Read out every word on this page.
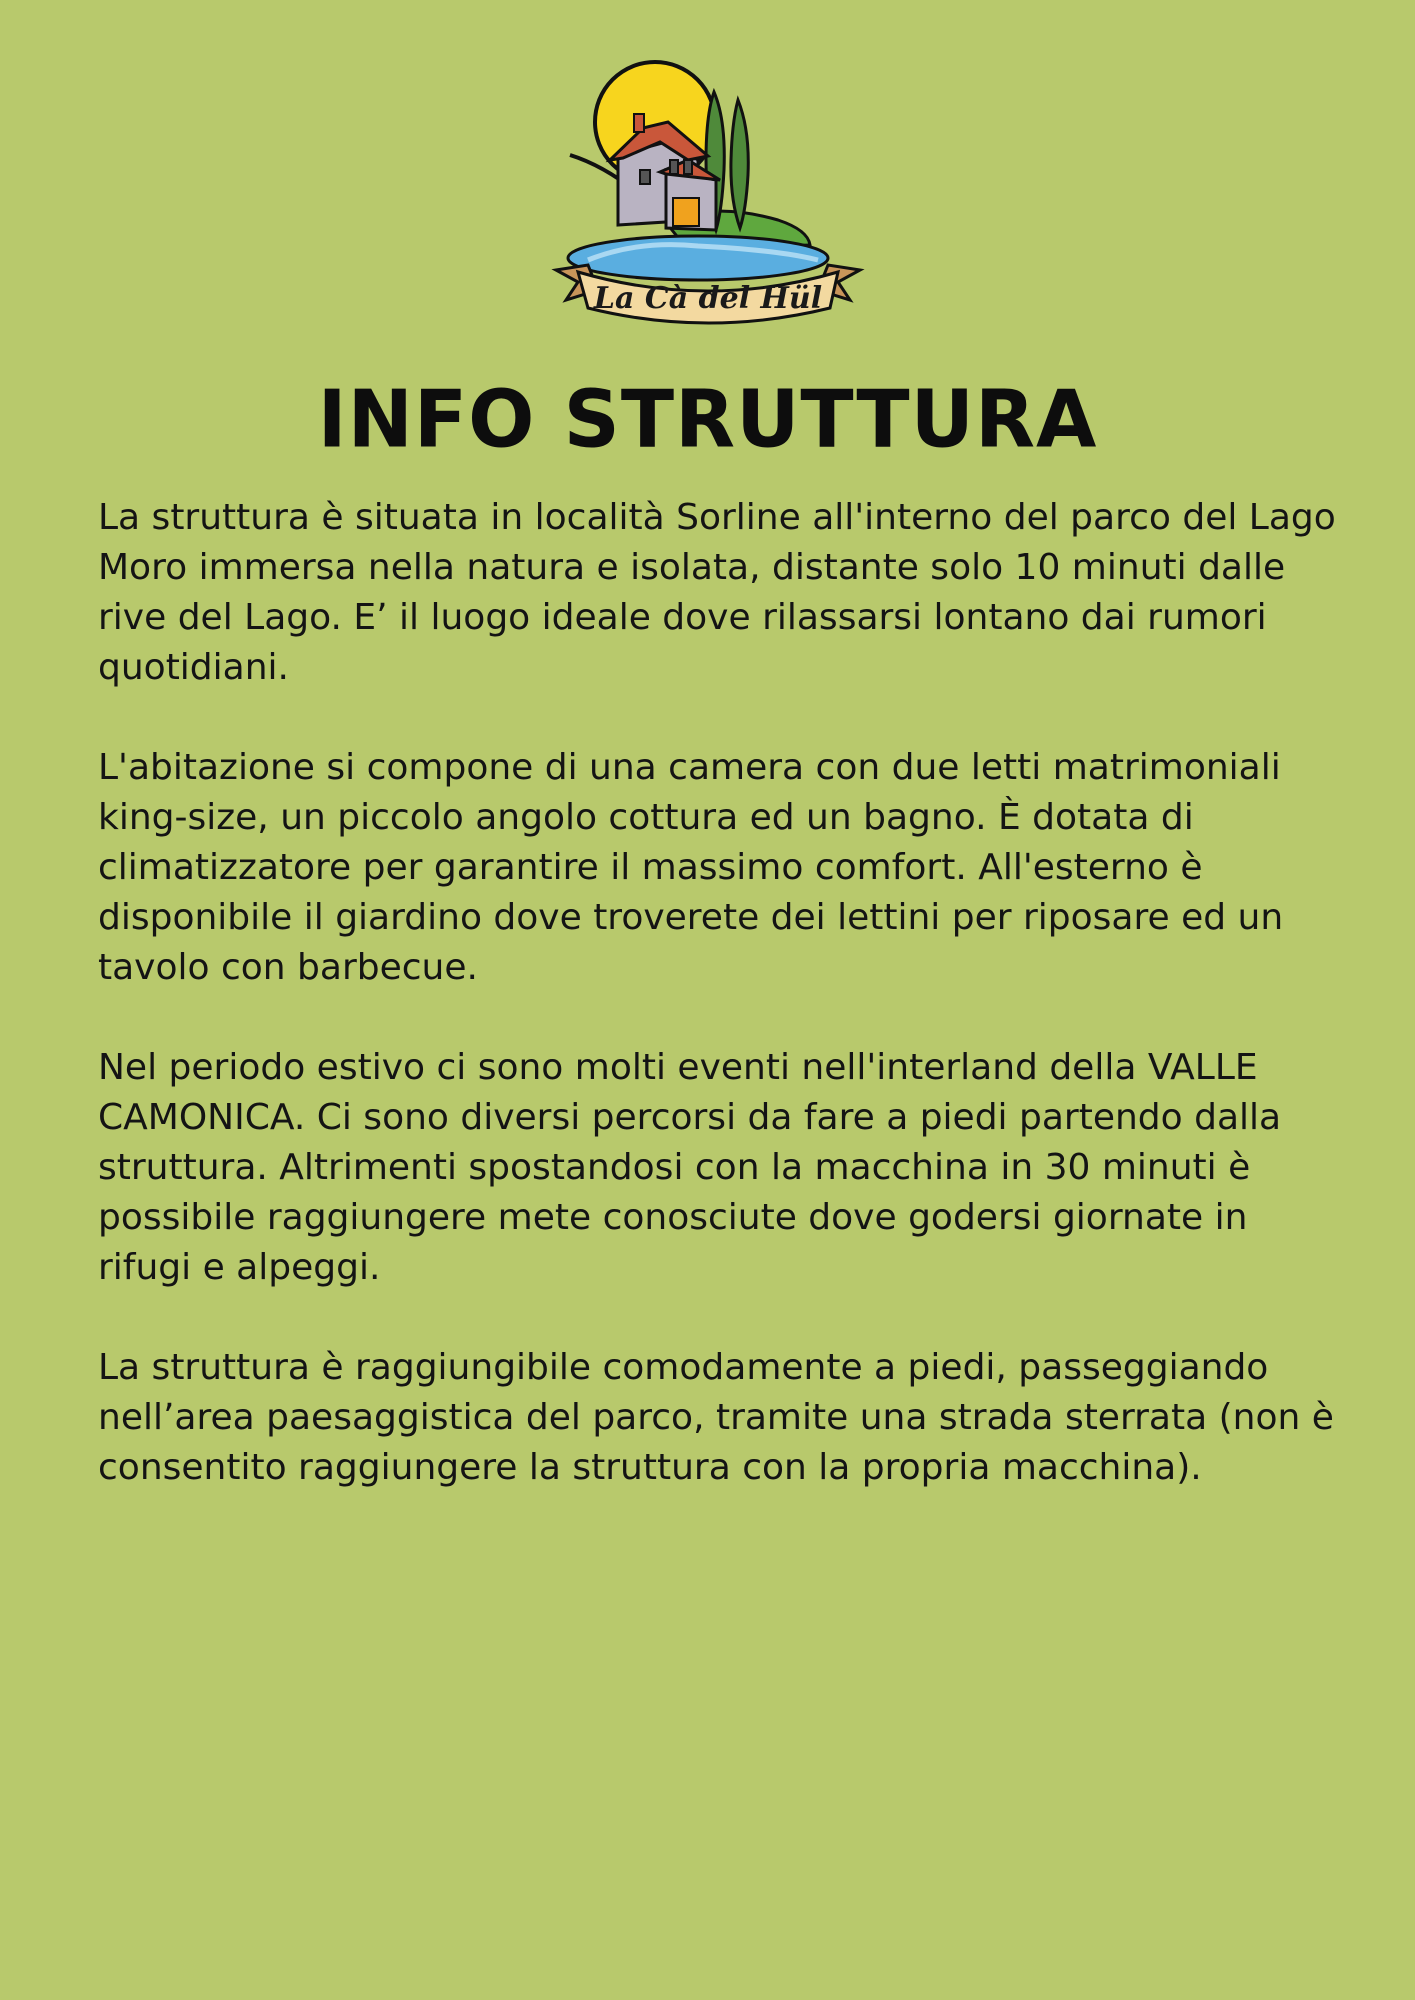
La Cà del Hül
INFO STRUTTURA

La struttura è situata in località Sorline all'interno del parco del Lago Moro immersa nella natura e isolata, distante solo 10 minuti dalle rive del Lago. E’ il luogo ideale dove rilassarsi lontano dai rumori quotidiani.

L'abitazione si compone di una camera con due letti matrimoniali king-size, un piccolo angolo cottura ed un bagno. È dotata di climatizzatore per garantire il massimo comfort. All'esterno è disponibile il giardino dove troverete dei lettini per riposare ed un tavolo con barbecue.

Nel periodo estivo ci sono molti eventi nell'interland della VALLE CAMONICA. Ci sono diversi percorsi da fare a piedi partendo dalla struttura. Altrimenti spostandosi con la macchina in 30 minuti è possibile raggiungere mete conosciute dove godersi giornate in rifugi e alpeggi.

La struttura è raggiungibile comodamente a piedi, passeggiando nell’area paesaggistica del parco, tramite una strada sterrata (non è consentito raggiungere la struttura con la propria macchina).
